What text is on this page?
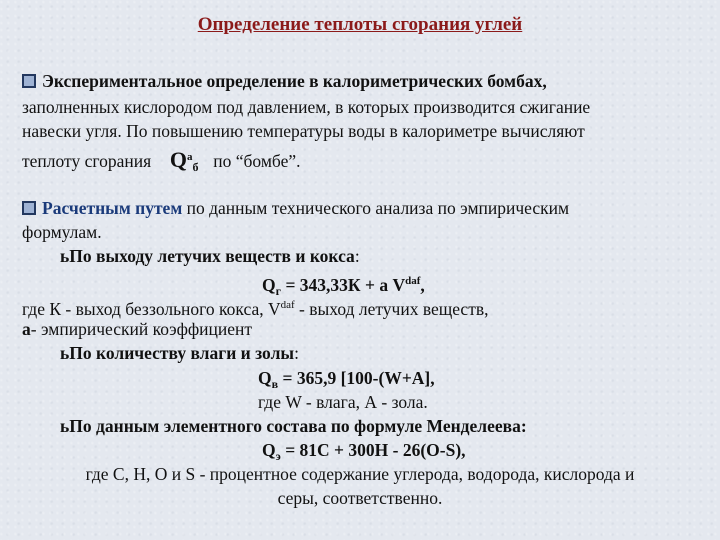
Определение теплоты сгорания углей
Экспериментальное определение в калориметрических бомбах,
заполненных кислородом под давлением, в которых производится сжигание
навески угля. По повышению температуры воды в калориметре вычисляют
теплоту сгорания $Q^а_б$ по “бомбе”.
Расчетным путем по данным технического анализа по эмпирическим
формулам.
ьПо выходу летучих веществ и кокса:
$Q_г = 343,33К + а$ $V^{daf}$,
где К - выход беззольного кокса, $V^{daf}$ - выход летучих веществ,
а- эмпирический коэффициент
ьПо количеству влаги и золы:
$Q_в = 365,9$ [100-(W+A],
где W - влага, А - зола.
ьПо данным элементного состава по формуле Менделеева:
$Q_э = 81С + 300Н - 26(O-S)$,
где С, Н, О и S - процентное содержание углерода, водорода, кислорода и
серы, соответственно.
